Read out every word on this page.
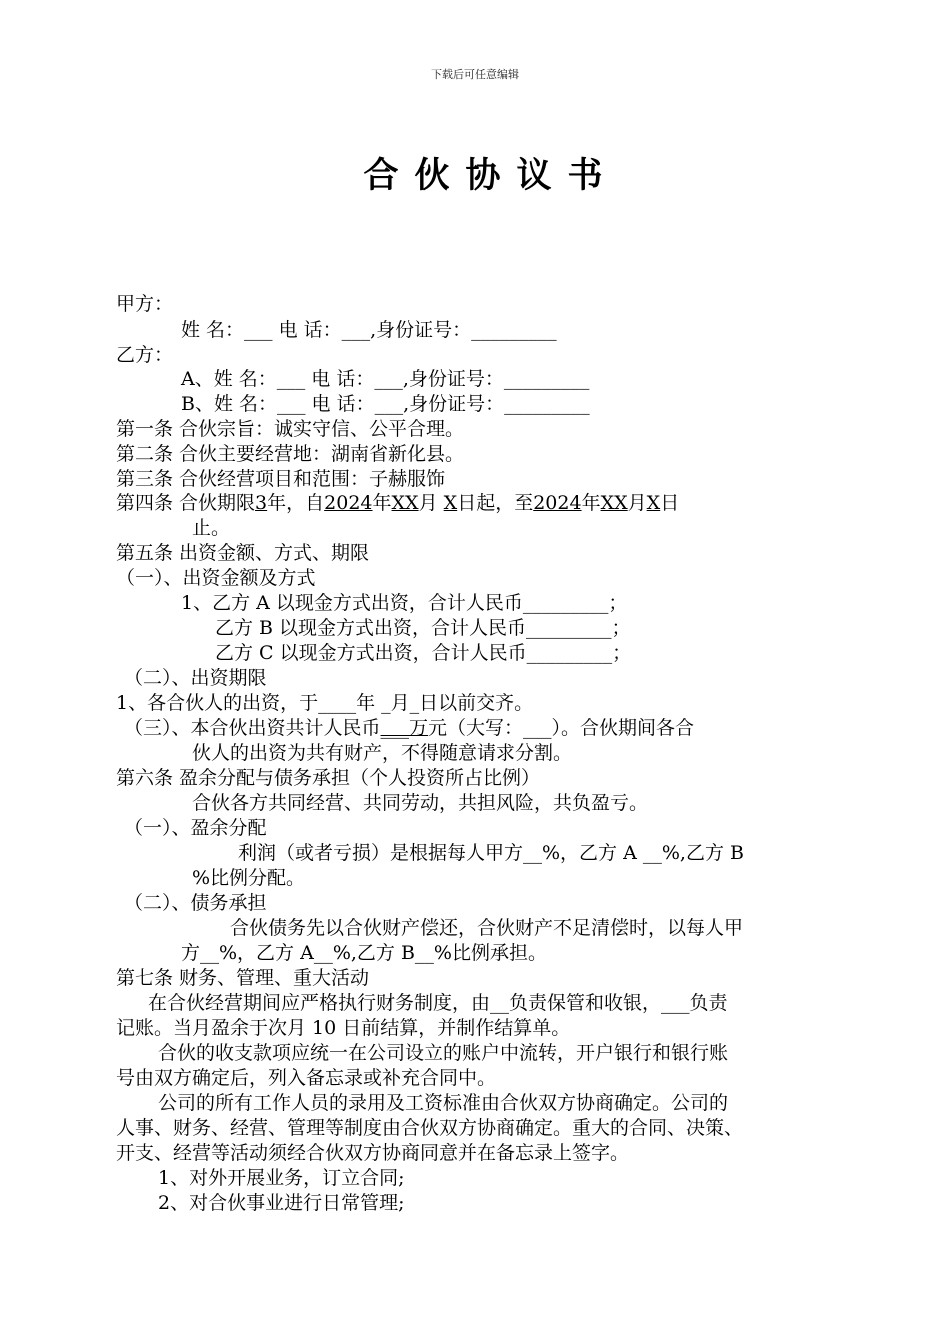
下载后可任意编辑
合伙协议书
甲方：
姓 名：___ 电 话：___,身份证号：_________
乙方：
A、姓 名：___ 电 话：___,身份证号：_________
B、姓 名：___ 电 话：___,身份证号：_________
第一条 合伙宗旨：诚实守信、公平合理。
第二条 合伙主要经营地：湖南省新化县。
第三条 合伙经营项目和范围：子赫服饰
第四条 合伙期限3年，自2024年XX月 X日起，至2024年XX月X日
止。
第五条 出资金额、方式、期限
（一）、出资金额及方式
1、乙方 A 以现金方式出资，合计人民币_________；
乙方 B 以现金方式出资，合计人民币_________；
乙方 C 以现金方式出资，合计人民币_________；
（二）、出资期限
1、各合伙人的出资，于____年 _月_日以前交齐。
（三）、本合伙出资共计人民币___万元（大写：___）。合伙期间各合
伙人的出资为共有财产，不得随意请求分割。
第六条 盈余分配与债务承担（个人投资所占比例）
合伙各方共同经营、共同劳动，共担风险，共负盈亏。
（一）、盈余分配
利润（或者亏损）是根据每人甲方__%，乙方 A __%,乙方 B
%比例分配。
（二）、债务承担
合伙债务先以合伙财产偿还，合伙财产不足清偿时，以每人甲
方__%，乙方 A__%,乙方 B__%比例承担。
第七条 财务、管理、重大活动
在合伙经营期间应严格执行财务制度，由__负责保管和收银，___负责
记账。当月盈余于次月 10 日前结算，并制作结算单。
合伙的收支款项应统一在公司设立的账户中流转，开户银行和银行账
号由双方确定后，列入备忘录或补充合同中。
公司的所有工作人员的录用及工资标准由合伙双方协商确定。公司的
人事、财务、经营、管理等制度由合伙双方协商确定。重大的合同、决策、
开支、经营等活动须经合伙双方协商同意并在备忘录上签字。
1、对外开展业务，订立合同;
2、对合伙事业进行日常管理;
